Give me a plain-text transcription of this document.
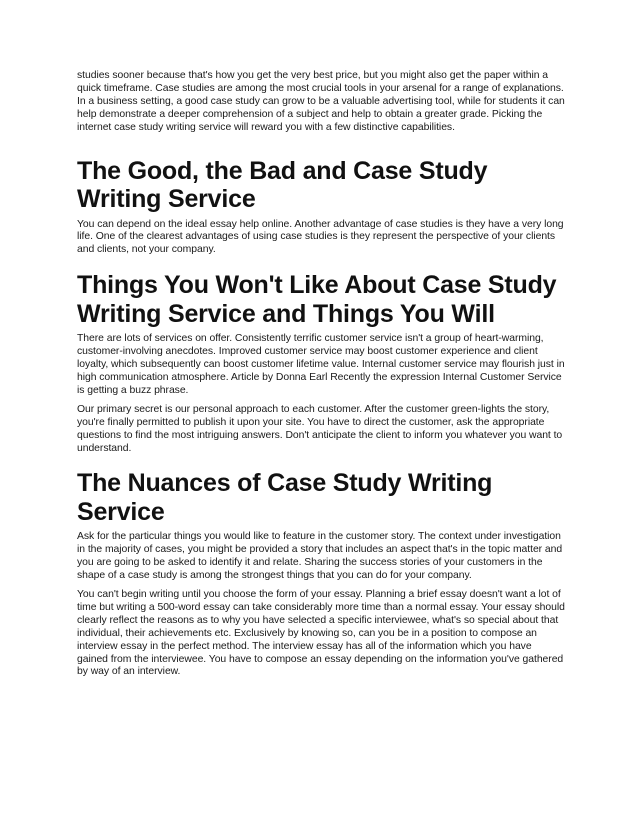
studies sooner because that's how you get the very best price, but you might also get the paper within a quick timeframe. Case studies are among the most crucial tools in your arsenal for a range of explanations. In a business setting, a good case study can grow to be a valuable advertising tool, while for students it can help demonstrate a deeper comprehension of a subject and help to obtain a greater grade. Picking the internet case study writing service will reward you with a few distinctive capabilities.

The Good, the Bad and Case Study Writing Service

You can depend on the ideal essay help online. Another advantage of case studies is they have a very long life. One of the clearest advantages of using case studies is they represent the perspective of your clients and clients, not your company.

Things You Won't Like About Case Study Writing Service and Things You Will

There are lots of services on offer. Consistently terrific customer service isn't a group of heart-warming, customer-involving anecdotes. Improved customer service may boost customer experience and client loyalty, which subsequently can boost customer lifetime value. Internal customer service may flourish just in high communication atmosphere. Article by Donna Earl Recently the expression Internal Customer Service is getting a buzz phrase.

Our primary secret is our personal approach to each customer. After the customer green-lights the story, you're finally permitted to publish it upon your site. You have to direct the customer, ask the appropriate questions to find the most intriguing answers. Don't anticipate the client to inform you whatever you want to understand.

The Nuances of Case Study Writing Service

Ask for the particular things you would like to feature in the customer story. The context under investigation in the majority of cases, you might be provided a story that includes an aspect that's in the topic matter and you are going to be asked to identify it and relate. Sharing the success stories of your customers in the shape of a case study is among the strongest things that you can do for your company.

You can't begin writing until you choose the form of your essay. Planning a brief essay doesn't want a lot of time but writing a 500-word essay can take considerably more time than a normal essay. Your essay should clearly reflect the reasons as to why you have selected a specific interviewee, what's so special about that individual, their achievements etc. Exclusively by knowing so, can you be in a position to compose an interview essay in the perfect method. The interview essay has all of the information which you have gained from the interviewee. You have to compose an essay depending on the information you've gathered by way of an interview.
